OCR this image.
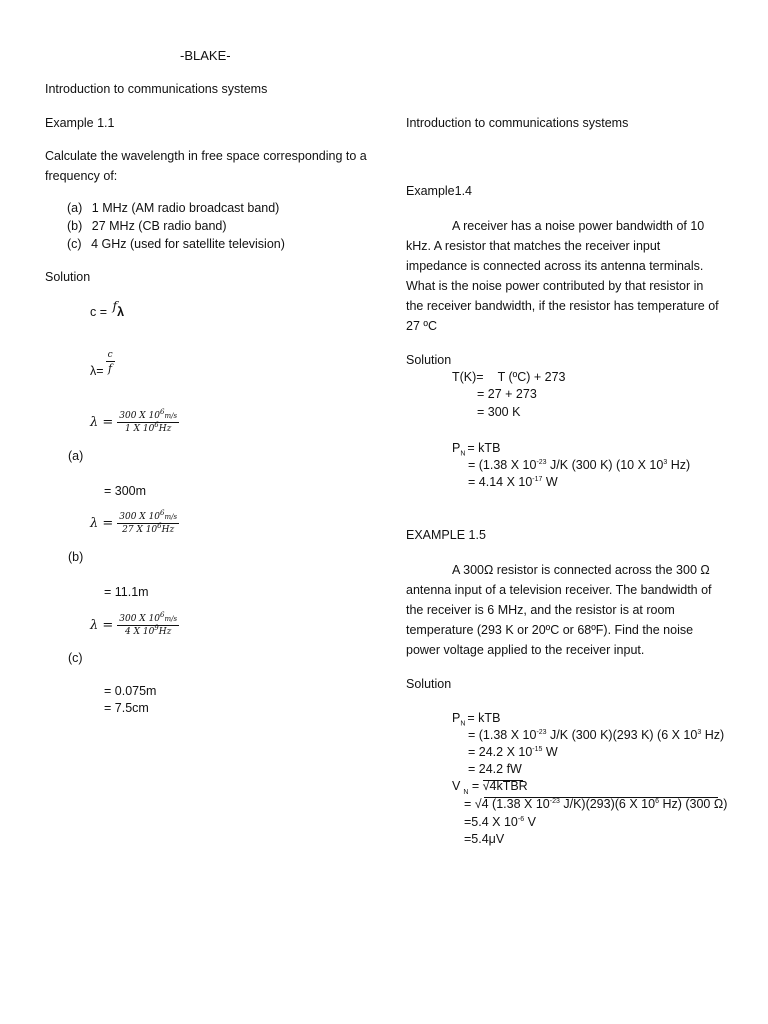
-BLAKE-
Introduction to communications systems
Example 1.1
Calculate the wavelength in free space corresponding to a frequency of:
(a) 1 MHz (AM radio broadcast band)
(b) 27 MHz (CB radio band)
(c) 4 GHz (used for satellite television)
Solution
c = fλ
λ=
c
f
$\lambda = \frac{300 X 10^6m/s}{1 X 10^6Hz}$
(a)
= 300m
$\lambda = \frac{300 X 10^6m/s}{27 X 10^6Hz}$
(b)
= 11.1m
$\lambda = \frac{300 X 10^6m/s}{4 X 10^9Hz}$
(c)
= 0.075m
= 7.5cm
Introduction to communications systems
Example1.4
A receiver has a noise power bandwidth of 10 kHz. A resistor that matches the receiver input impedance is connected across its antenna terminals. What is the noise power contributed by that resistor in the receiver bandwidth, if the resistor has temperature of 27 ºC
Solution
T(K)= T (ºC) + 273
= 27 + 273
= 300 K
$P_N$ = kTB
= (1.38 X $10^{-23}$ J/K (300 K) (10 X $10^3$ Hz)
= 4.14 X $10^{-17}$ W
EXAMPLE 1.5
A 300Ω resistor is connected across the 300 Ω antenna input of a television receiver. The bandwidth of the receiver is 6 MHz, and the resistor is at room temperature (293 K or 20ºC or 68ºF). Find the noise power voltage applied to the receiver input.
Solution
$P_N$ = kTB
= (1.38 X $10^{-23}$ J/K (300 K)(293 K) (6 X $10^3$ Hz)
= 24.2 X $10^{-15}$ W
= 24.2 fW
V $_N$ = √4kTBR
= √4 (1.38 X $10^{-23}$ J/K)(293)(6 X $10^6$ Hz) (300 Ω)
=5.4 X $10^{-6}$ V
=5.4μV
